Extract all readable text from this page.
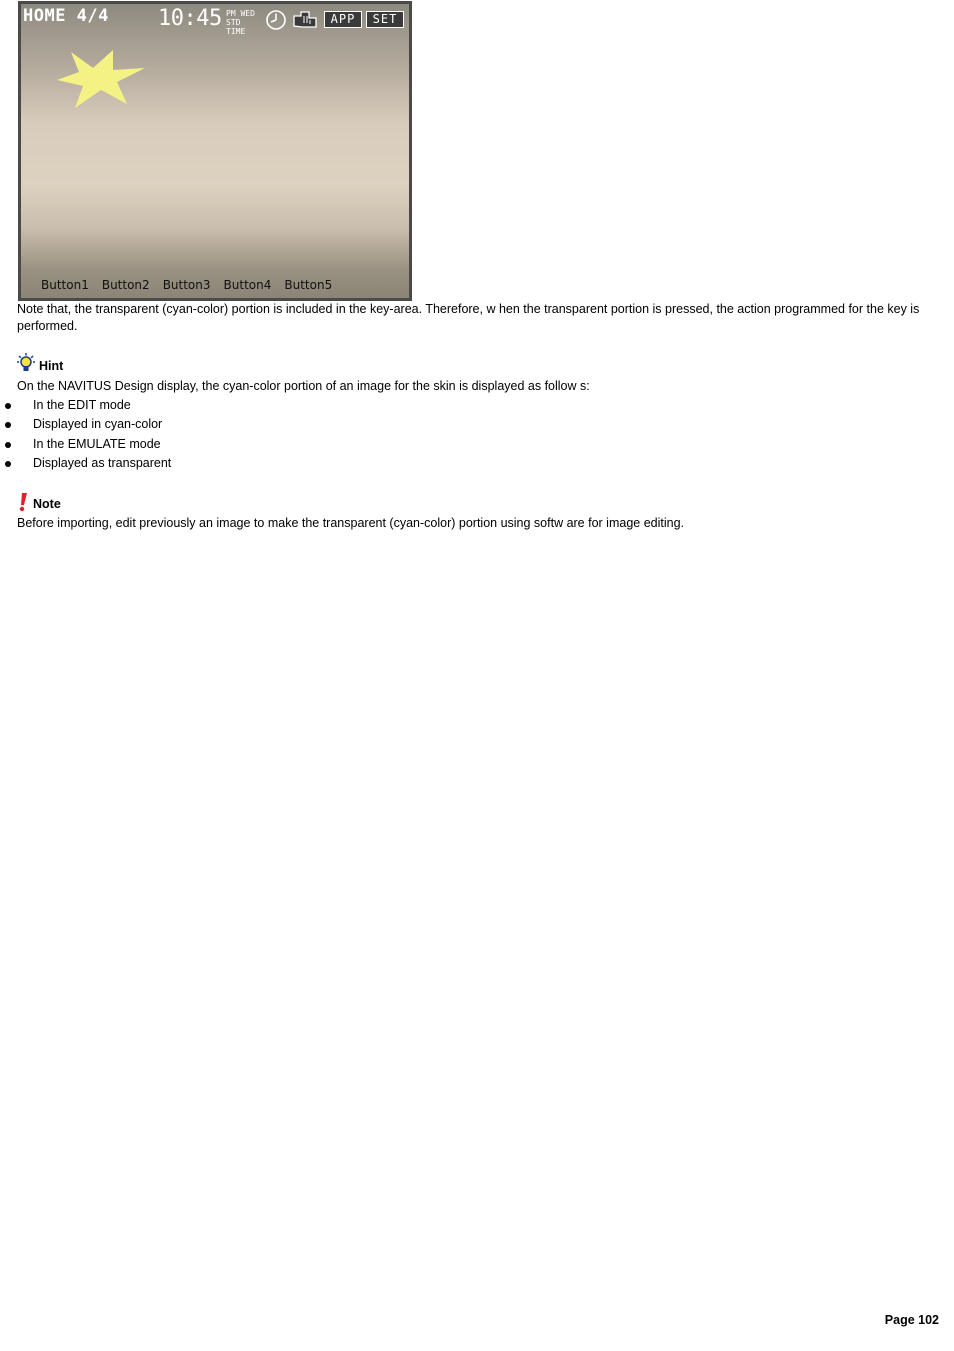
HOME 4/4 10:45 PM WED
STD TIME
APP	SET
Button1 Button2 Button3 Button4 Button5
Note that, the transparent (cyan-color) portion is included in the key-area. Therefore, w hen the transparent portion is pressed, the action programmed for the key is performed.
Hint
On the NAVITUS Design display, the cyan-color portion of an image for the skin is displayed as follow s:
In the EDIT mode
Displayed in cyan-color
In the EMULATE mode
Displayed as transparent
Note
Before importing, edit previously an image to make the transparent (cyan-color) portion using softw are for image editing.
Page 102
